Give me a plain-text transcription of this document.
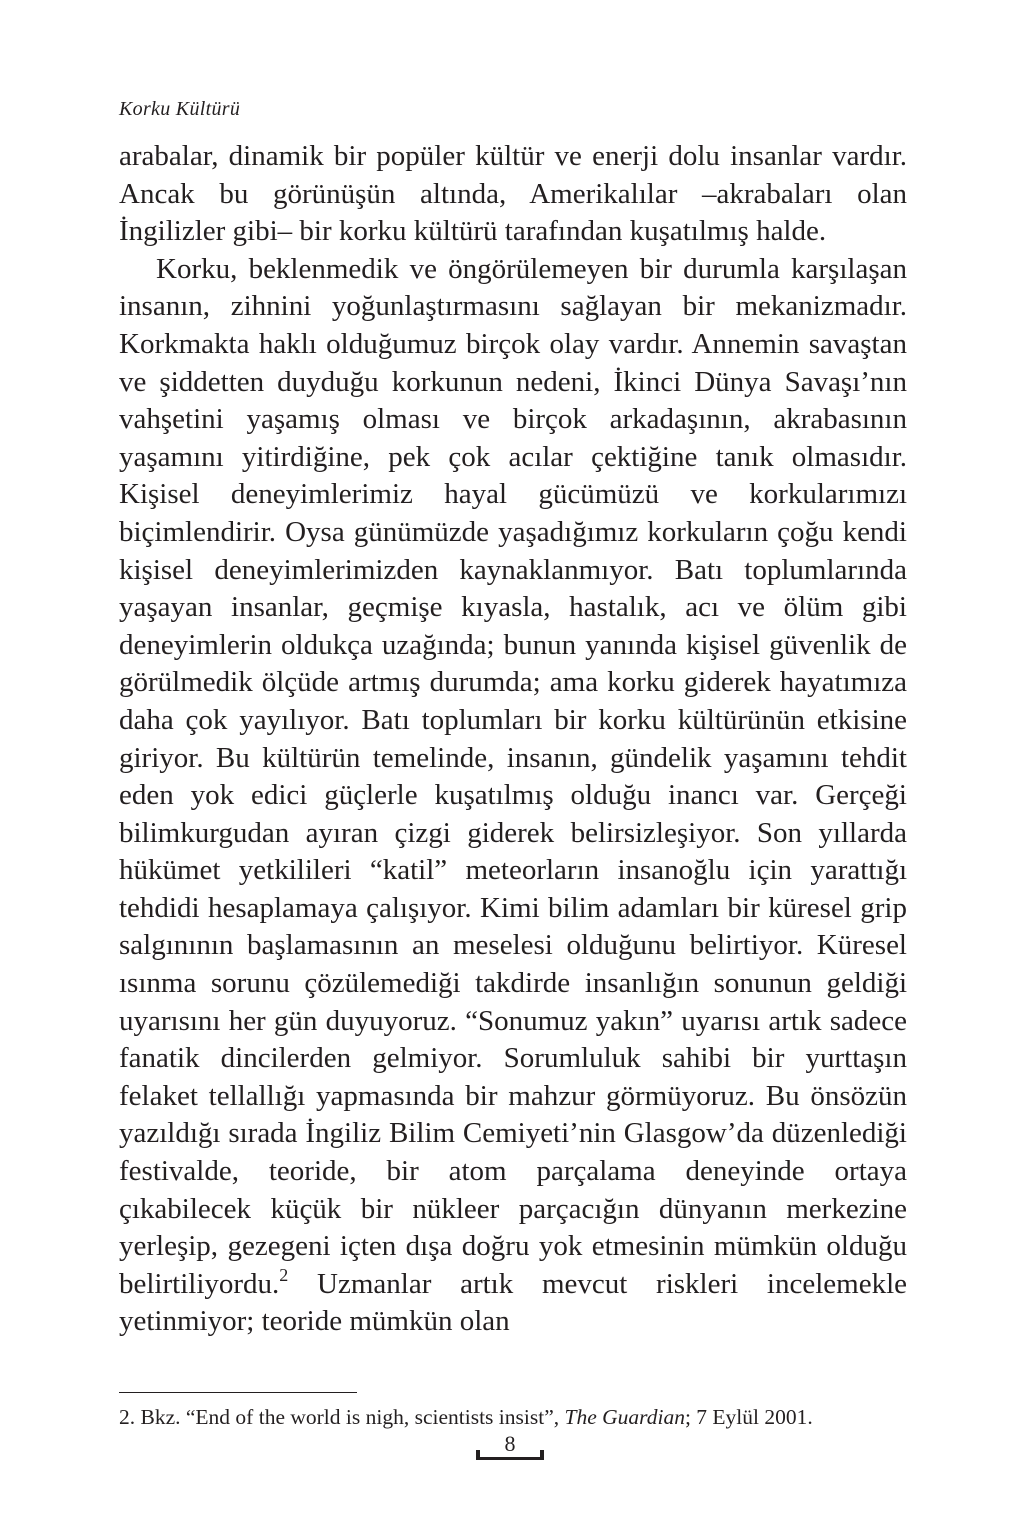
Korku Kültürü

arabalar, dinamik bir popüler kültür ve enerji dolu insanlar vardır. Ancak bu görünüşün altında, Amerikalılar –akrabaları olan İngilizler gibi– bir korku kültürü tarafından kuşatılmış halde.

Korku, beklenmedik ve öngörülemeyen bir durumla karşılaşan insanın, zihnini yoğunlaştırmasını sağlayan bir mekanizmadır. Korkmakta haklı olduğumuz birçok olay vardır. Annemin savaştan ve şiddetten duyduğu korkunun nedeni, İkinci Dünya Savaşı’nın vahşetini yaşamış olması ve birçok arkadaşının, akrabasının yaşamını yitirdiğine, pek çok acılar çektiğine tanık olmasıdır. Kişisel deneyimlerimiz hayal gücümüzü ve korkularımızı biçimlendirir. Oysa günümüzde yaşadığımız korkuların çoğu kendi kişisel deneyimlerimizden kaynaklanmıyor. Batı toplumlarında yaşayan insanlar, geçmişe kıyasla, hastalık, acı ve ölüm gibi deneyimlerin oldukça uzağında; bunun yanında kişisel güvenlik de görülmedik ölçüde artmış durumda; ama korku giderek hayatımıza daha çok yayılıyor. Batı toplumları bir korku kültürünün etkisine giriyor. Bu kültürün temelinde, insanın, gündelik yaşamını tehdit eden yok edici güçlerle kuşatılmış olduğu inancı var. Gerçeği bilimkurgudan ayıran çizgi giderek belirsizleşiyor. Son yıllarda hükümet yetkilileri “katil” meteorların insanoğlu için yarattığı tehdidi hesaplamaya çalışıyor. Kimi bilim adamları bir küresel grip salgınının başlamasının an meselesi olduğunu belirtiyor. Küresel ısınma sorunu çözülemediği takdirde insanlığın sonunun geldiği uyarısını her gün duyuyoruz. “Sonumuz yakın” uyarısı artık sadece fanatik dincilerden gelmiyor. Sorumluluk sahibi bir yurttaşın felaket tellallığı yapmasında bir mahzur görmüyoruz. Bu önsözün yazıldığı sırada İngiliz Bilim Cemiyeti’nin Glasgow’da düzenlediği festivalde, teoride, bir atom parçalama deneyinde ortaya çıkabilecek küçük bir nükleer parçacığın dünyanın merkezine yerleşip, gezegeni içten dışa doğru yok etmesinin mümkün olduğu belirtiliyordu.$^2$ Uzmanlar artık mevcut riskleri incelemekle yetinmiyor; teoride mümkün olan

2. Bkz. “End of the world is nigh, scientists insist”, The Guardian; 7 Eylül 2001.
8
